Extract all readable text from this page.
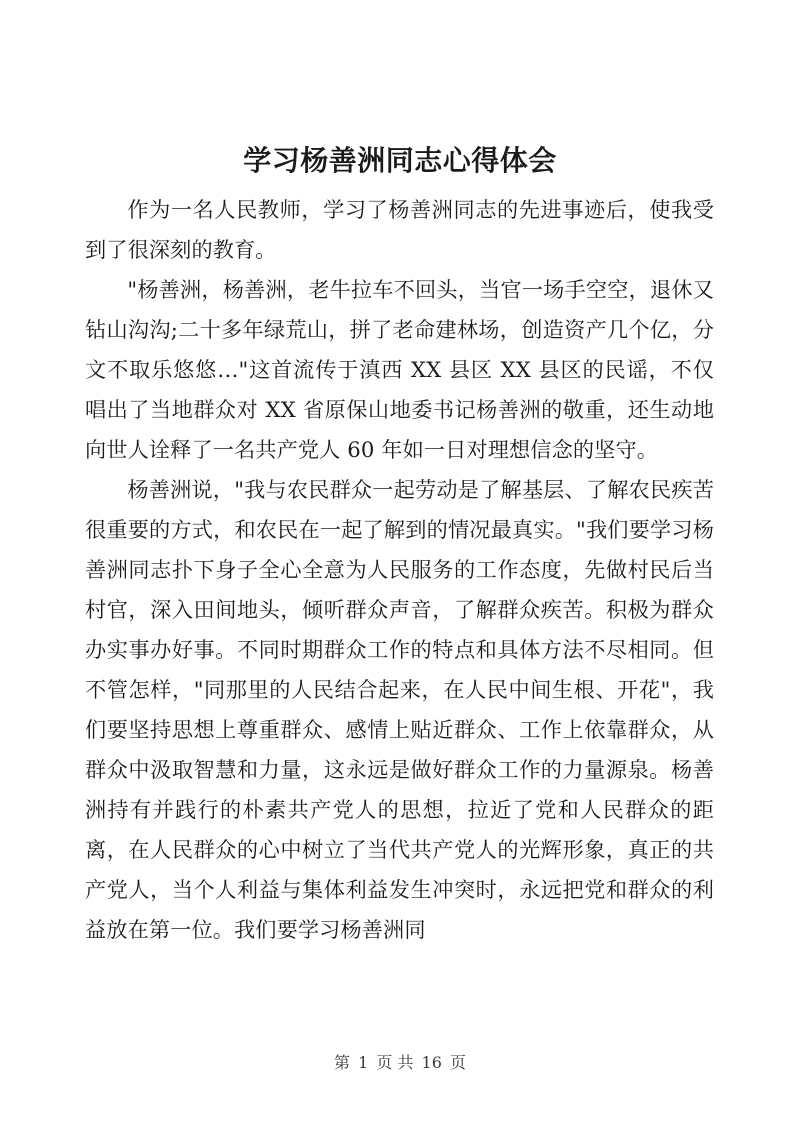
学习杨善洲同志心得体会

作为一名人民教师，学习了杨善洲同志的先进事迹后，使我受到了很深刻的教育。

"杨善洲，杨善洲，老牛拉车不回头，当官一场手空空，退休又钻山沟沟;二十多年绿荒山，拼了老命建林场，创造资产几个亿，分文不取乐悠悠…"这首流传于滇西 XX 县区 XX 县区的民谣，不仅唱出了当地群众对 XX 省原保山地委书记杨善洲的敬重，还生动地向世人诠释了一名共产党人 60 年如一日对理想信念的坚守。

杨善洲说，"我与农民群众一起劳动是了解基层、了解农民疾苦很重要的方式，和农民在一起了解到的情况最真实。"我们要学习杨善洲同志扑下身子全心全意为人民服务的工作态度，先做村民后当村官，深入田间地头，倾听群众声音，了解群众疾苦。积极为群众办实事办好事。不同时期群众工作的特点和具体方法不尽相同。但不管怎样，"同那里的人民结合起来，在人民中间生根、开花"，我们要坚持思想上尊重群众、感情上贴近群众、工作上依靠群众，从群众中汲取智慧和力量，这永远是做好群众工作的力量源泉。杨善洲持有并践行的朴素共产党人的思想，拉近了党和人民群众的距离，在人民群众的心中树立了当代共产党人的光辉形象，真正的共产党人，当个人利益与集体利益发生冲突时，永远把党和群众的利益放在第一位。我们要学习杨善洲同

第 1 页 共 16 页
